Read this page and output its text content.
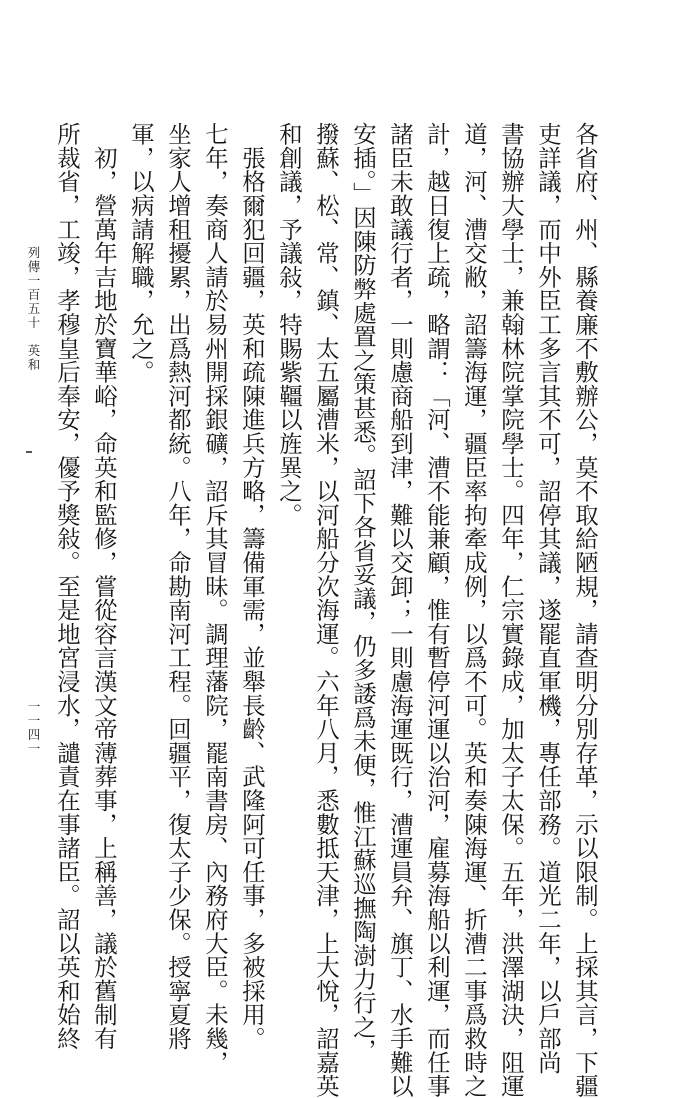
各省府、州、縣養廉不敷辦公，莫不取給陋規，請查明分別存革，示以限制。上採其言，下疆
吏詳議，而中外臣工多言其不可，詔停其議，遂罷直軍機，專任部務。道光二年，以戶部尚
書協辦大學士，兼翰林院掌院學士。四年，仁宗實錄成，加太子太保。五年，洪澤湖決，阻運
道，河、漕交敝，詔籌海運，疆臣率拘牽成例，以爲不可。英和奏陳海運、折漕二事爲救時之
計，越日復上疏，略謂：「河、漕不能兼顧，惟有暫停河運以治河，雇募海船以利運，而任事
諸臣未敢議行者，一則慮商船到津，難以交卸；一則慮海運既行，漕運員弁、旗丁、水手難以
安插。」因陳防弊處置之策甚悉。詔下各省妥議，仍多諉爲未便，惟江蘇巡撫陶澍力行之，
撥蘇、松、常、鎮、太五屬漕米，以河船分次海運。六年八月，悉數抵天津，上大悅，詔嘉英
和創議，予議敍，特賜紫韁以旌異之。
　張格爾犯回疆，英和疏陳進兵方略，籌備軍需，並舉長齡、武隆阿可任事，多被採用。
七年，奏商人請於易州開採銀礦，詔斥其冒昧。調理藩院，罷南書房、內務府大臣。未幾，
坐家人增租擾累，出爲熱河都統。八年，命勘南河工程。回疆平，復太子少保。授寧夏將
軍，以病請解職，允之。
　初，營萬年吉地於寶華峪，命英和監修，嘗從容言漢文帝薄葬事，上稱善，議於舊制有
所裁省，工竣，孝穆皇后奉安，優予獎敍。至是地宮浸水，譴責在事諸臣。詔以英和始終
列傳一百五十　英和
一一四一
